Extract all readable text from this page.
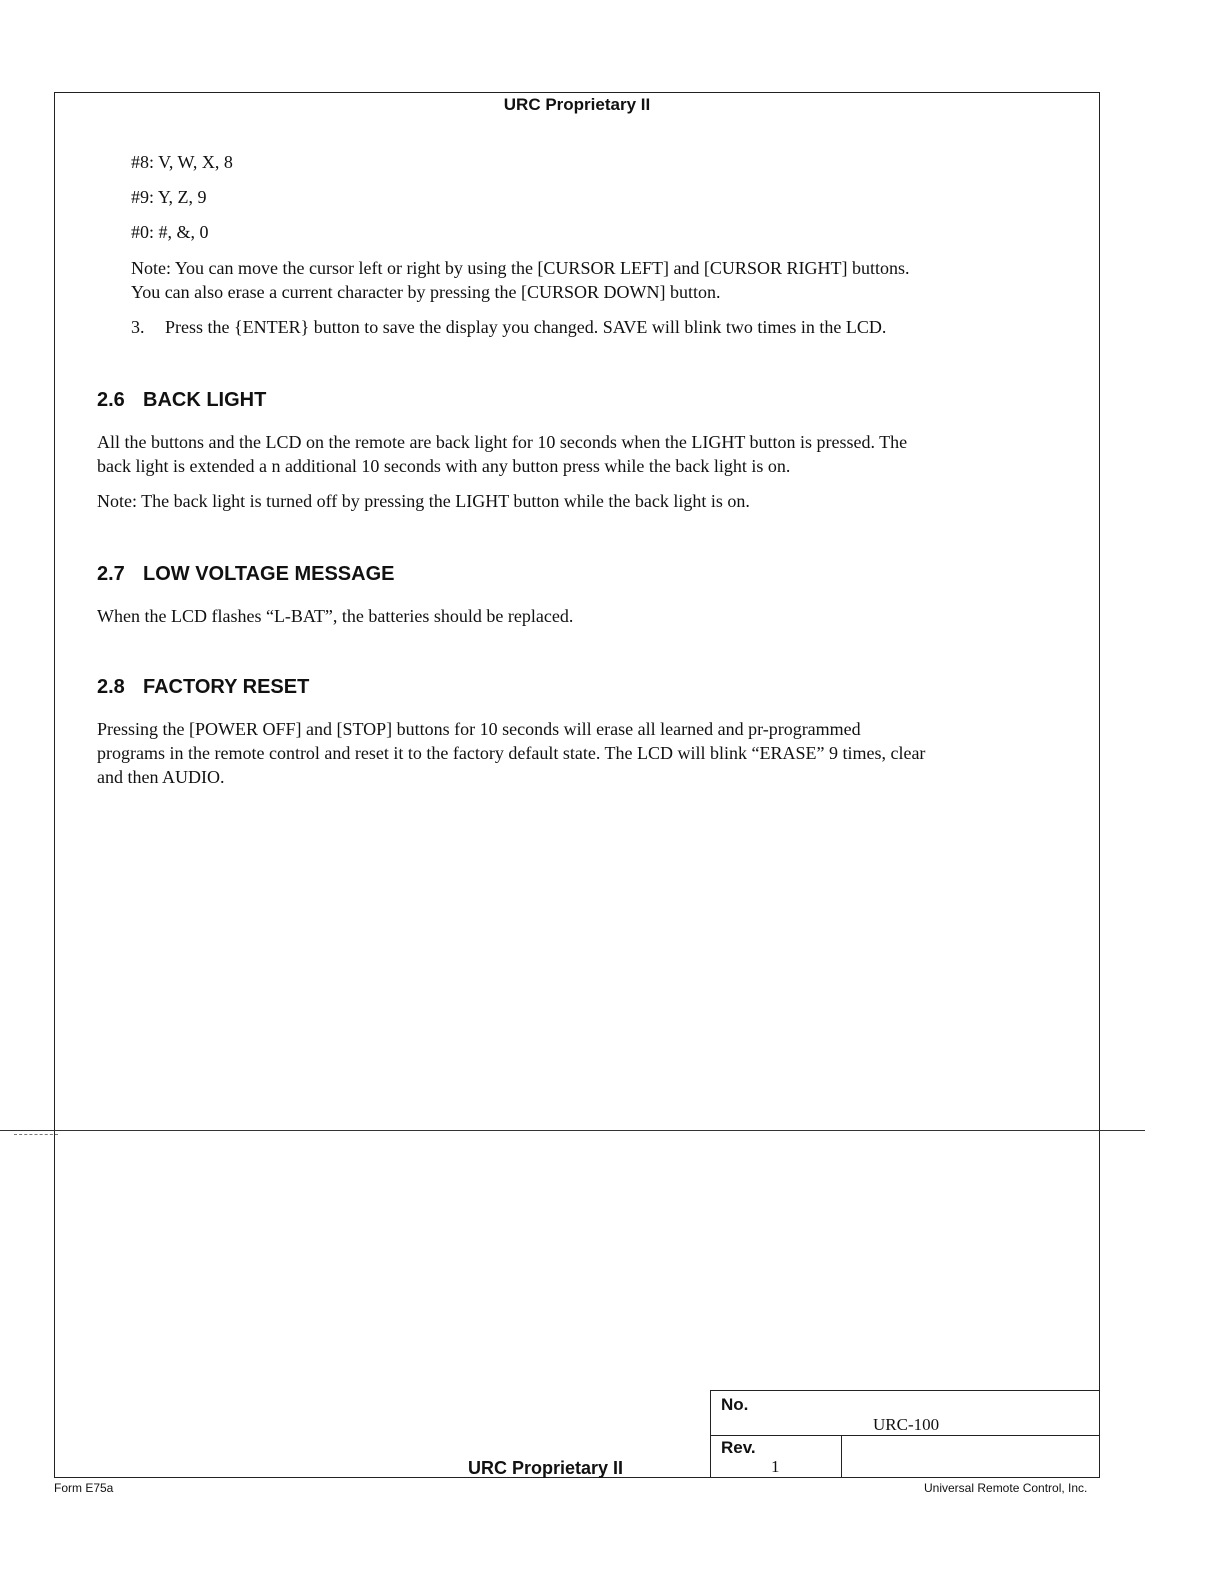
URC Proprietary II
#8: V, W, X, 8
#9: Y, Z, 9
#0: #, &, 0
Note: You can move the cursor left or right by using the [CURSOR LEFT] and [CURSOR RIGHT] buttons.
You can also erase a current character by pressing the [CURSOR DOWN] button.
3. Press the {ENTER} button to save the display you changed. SAVE will blink two times in the LCD.
2.6 BACK LIGHT
All the buttons and the LCD on the remote are back light for 10 seconds when the LIGHT button is pressed. The
back light is extended a n additional 10 seconds with any button press while the back light is on.
Note: The back light is turned off by pressing the LIGHT button while the back light is on.
2.7 LOW VOLTAGE MESSAGE
When the LCD flashes “L-BAT”, the batteries should be replaced.
2.8 FACTORY RESET
Pressing the [POWER OFF] and [STOP] buttons for 10 seconds will erase all learned and pr-programmed
programs in the remote control and reset it to the factory default state. The LCD will blink “ERASE” 9 times, clear
and then AUDIO.
URC Proprietary II
No.
URC-100
Rev.
1
Form E75a	Universal Remote Control, Inc.
